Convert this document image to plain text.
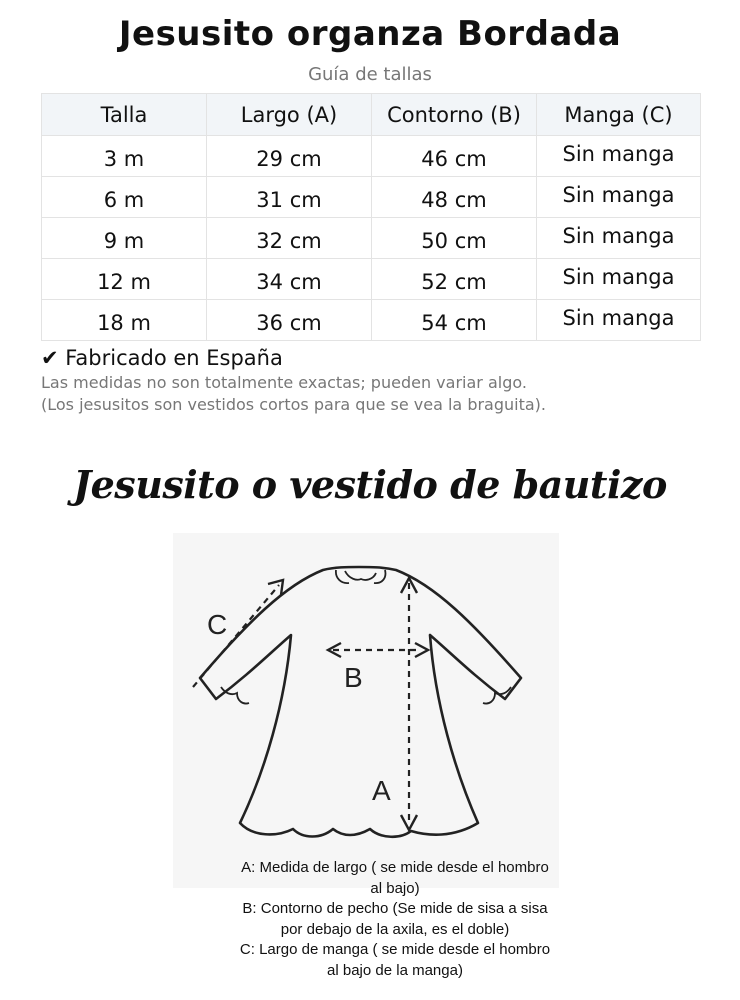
Jesusito organza Bordada
Guía de tallas
Talla	Largo (A)	Contorno (B)	Manga (C)
3 m	29 cm	46 cm	Sin manga
6 m	31 cm	48 cm	Sin manga
9 m	32 cm	50 cm	Sin manga
12 m	34 cm	52 cm	Sin manga
18 m	36 cm	54 cm	Sin manga
✔ Fabricado en España
Las medidas no son totalmente exactas; pueden variar algo.
(Los jesusitos son vestidos cortos para que se vea la braguita).
Jesusito o vestido de bautizo
A
B
C
A: Medida de largo ( se mide desde el hombro
al bajo)
B: Contorno de pecho (Se mide de sisa a sisa
por debajo de la axila, es el doble)
C: Largo de manga ( se mide desde el hombro
al bajo de la manga)
